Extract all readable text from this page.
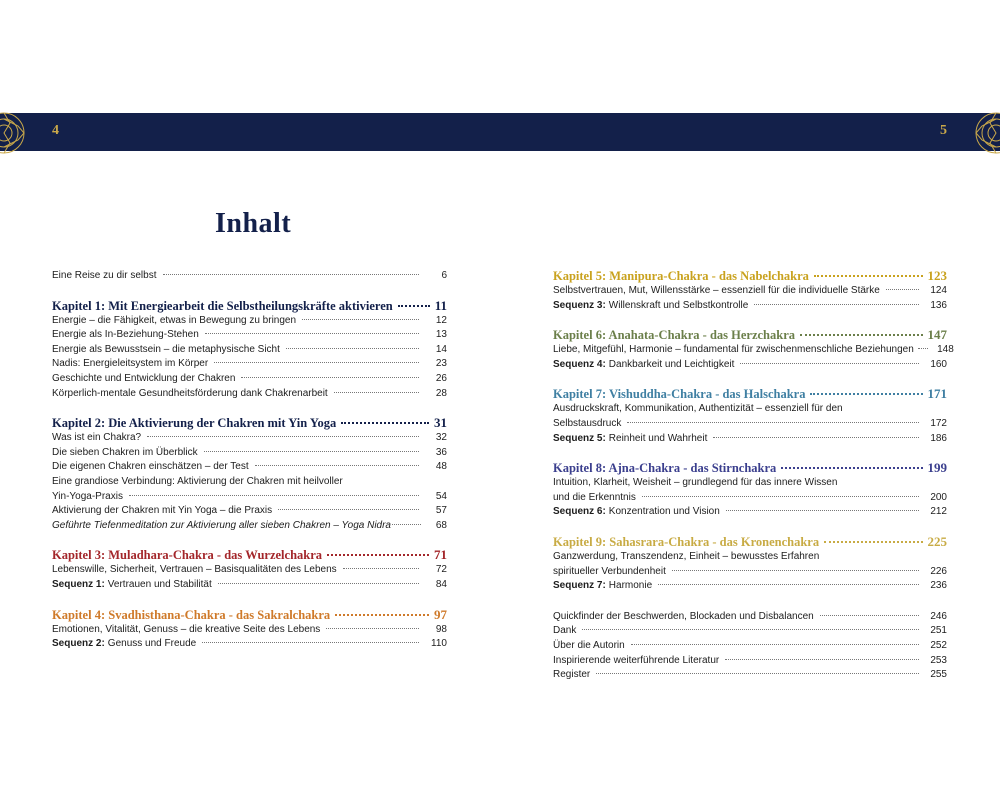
4	5
Inhalt
Eine Reise zu dir selbst	6
Kapitel 1: Mit Energiearbeit die Selbstheilungskräfte aktivieren	11
Energie – die Fähigkeit, etwas in Bewegung zu bringen	12
Energie als In-Beziehung-Stehen	13
Energie als Bewusstsein – die metaphysische Sicht	14
Nadis: Energieleitsystem im Körper	23
Geschichte und Entwicklung der Chakren	26
Körperlich-mentale Gesundheitsförderung dank Chakrenarbeit	28
Kapitel 2: Die Aktivierung der Chakren mit Yin Yoga	31
Was ist ein Chakra?	32
Die sieben Chakren im Überblick	36
Die eigenen Chakren einschätzen – der Test	48
Eine grandiose Verbindung: Aktivierung der Chakren mit heilvoller
Yin-Yoga-Praxis	54
Aktivierung der Chakren mit Yin Yoga – die Praxis	57
Geführte Tiefenmeditation zur Aktivierung aller sieben Chakren – Yoga Nidra	68
Kapitel 3: Muladhara-Chakra - das Wurzelchakra	71
Lebenswille, Sicherheit, Vertrauen – Basisqualitäten des Lebens	72
Sequenz 1: Vertrauen und Stabilität	84
Kapitel 4: Svadhisthana-Chakra - das Sakralchakra	97
Emotionen, Vitalität, Genuss – die kreative Seite des Lebens	98
Sequenz 2: Genuss und Freude	110
Kapitel 5: Manipura-Chakra - das Nabelchakra	123
Selbstvertrauen, Mut, Willensstärke – essenziell für die individuelle Stärke	124
Sequenz 3: Willenskraft und Selbstkontrolle	136
Kapitel 6: Anahata-Chakra - das Herzchakra	147
Liebe, Mitgefühl, Harmonie – fundamental für zwischenmenschliche Beziehungen	148
Sequenz 4: Dankbarkeit und Leichtigkeit	160
Kapitel 7: Vishuddha-Chakra - das Halschakra	171
Ausdruckskraft, Kommunikation, Authentizität – essenziell für den
Selbstausdruck	172
Sequenz 5: Reinheit und Wahrheit	186
Kapitel 8: Ajna-Chakra - das Stirnchakra	199
Intuition, Klarheit, Weisheit – grundlegend für das innere Wissen
und die Erkenntnis	200
Sequenz 6: Konzentration und Vision	212
Kapitel 9: Sahasrara-Chakra - das Kronenchakra	225
Ganzwerdung, Transzendenz, Einheit – bewusstes Erfahren
spiritueller Verbundenheit	226
Sequenz 7: Harmonie	236
Quickfinder der Beschwerden, Blockaden und Disbalancen	246
Dank	251
Über die Autorin	252
Inspirierende weiterführende Literatur	253
Register	255
